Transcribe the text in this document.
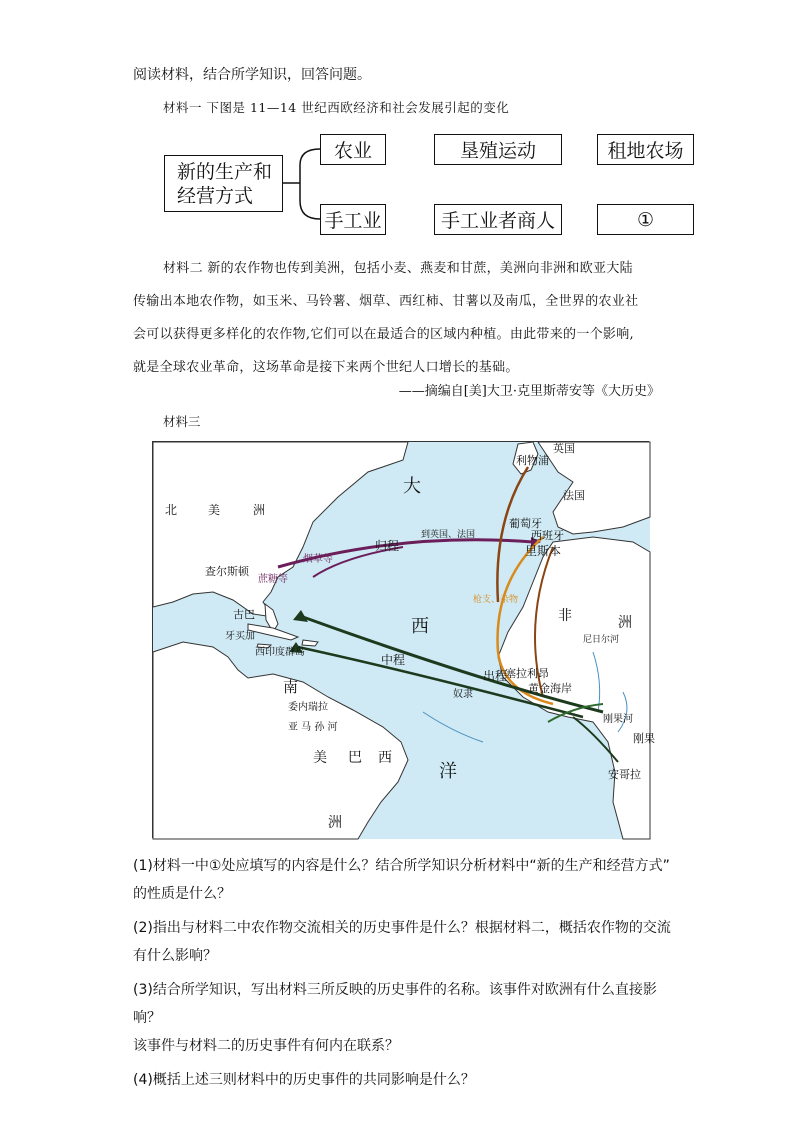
阅读材料，结合所学知识，回答问题。
材料一 下图是 11—14 世纪西欧经济和社会发展引起的变化
新的生产和
经营方式
农业	垦殖运动	租地农场
手工业	手工业者商人	①

材料二 新的农作物也传到美洲，包括小麦、燕麦和甘蔗，美洲向非洲和欧亚大陆

传输出本地农作物，如玉米、马铃薯、烟草、西红柿、甘薯以及南瓜，全世界的农业社

会可以获得更多样化的农作物,它们可以在最适合的区域内种植。由此带来的一个影响,

就是全球农业革命，这场革命是接下来两个世纪人口增长的基础。

——摘编自[美]大卫·克里斯蒂安等《大历史》
材料三
北	美	洲
查尔斯顿
古巴
牙买加
西印度群岛
委内瑞拉
亚 马 孙 河
南
美 巴 西
洲
大
西
洋
利物浦
英国
法国
葡萄牙
西班牙
里斯本
非	洲
塞拉利昂
黄金海岸
尼日尔河
刚果河
刚果
安哥拉
归程
到英国、法国
烟草等
蔗糖等
中程
奴隶
出程
枪支、杂物

(1)材料一中①处应填写的内容是什么？结合所学知识分析材料中“新的生产和经营方式”

的性质是什么？

(2)指出与材料二中农作物交流相关的历史事件是什么？根据材料二，概括农作物的交流

有什么影响？

(3)结合所学知识，写出材料三所反映的历史事件的名称。该事件对欧洲有什么直接影响？

该事件与材料二的历史事件有何内在联系？

(4)概括上述三则材料中的历史事件的共同影响是什么？
